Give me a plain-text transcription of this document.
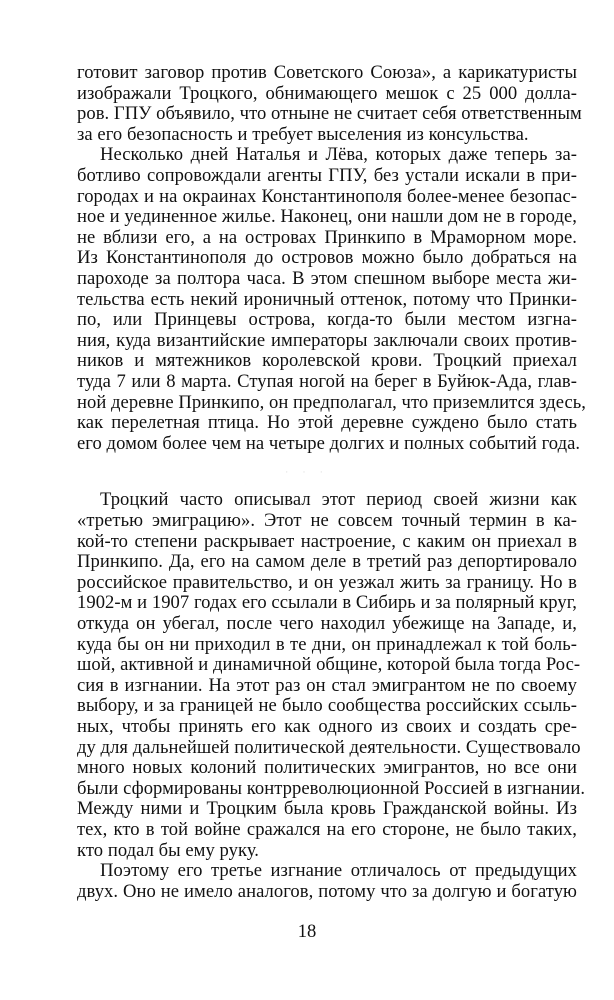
готовит заговор против Советского Союза», а карикатуристы
изображали Троцкого, обнимающего мешок с 25 000 долла-
ров. ГПУ объявило, что отныне не считает себя ответственным
за его безопасность и требует выселения из консульства.
Несколько дней Наталья и Лёва, которых даже теперь за-
ботливо сопровождали агенты ГПУ, без устали искали в при-
городах и на окраинах Константинополя более-менее безопас-
ное и уединенное жилье. Наконец, они нашли дом не в городе,
не вблизи его, а на островах Принкипо в Мраморном море.
Из Константинополя до островов можно было добраться на
пароходе за полтора часа. В этом спешном выборе места жи-
тельства есть некий ироничный оттенок, потому что Принки-
по, или Принцевы острова, когда-то были местом изгна-
ния, куда византийские императоры заключали своих против-
ников и мятежников королевской крови. Троцкий приехал
туда 7 или 8 марта. Ступая ногой на берег в Буйюк-Ада, глав-
ной деревне Принкипо, он предполагал, что приземлится здесь,
как перелетная птица. Но этой деревне суждено было стать
его домом более чем на четыре долгих и полных событий года.
· · ·
Троцкий часто описывал этот период своей жизни как
«третью эмиграцию». Этот не совсем точный термин в ка-
кой-то степени раскрывает настроение, с каким он приехал в
Принкипо. Да, его на самом деле в третий раз депортировало
российское правительство, и он уезжал жить за границу. Но в
1902-м и 1907 годах его ссылали в Сибирь и за полярный круг,
откуда он убегал, после чего находил убежище на Западе, и,
куда бы он ни приходил в те дни, он принадлежал к той боль-
шой, активной и динамичной общине, которой была тогда Рос-
сия в изгнании. На этот раз он стал эмигрантом не по своему
выбору, и за границей не было сообщества российских ссыль-
ных, чтобы принять его как одного из своих и создать сре-
ду для дальнейшей политической деятельности. Существовало
много новых колоний политических эмигрантов, но все они
были сформированы контрреволюционной Россией в изгнании.
Между ними и Троцким была кровь Гражданской войны. Из
тех, кто в той войне сражался на его стороне, не было таких,
кто подал бы ему руку.
Поэтому его третье изгнание отличалось от предыдущих
двух. Оно не имело аналогов, потому что за долгую и богатую
18
